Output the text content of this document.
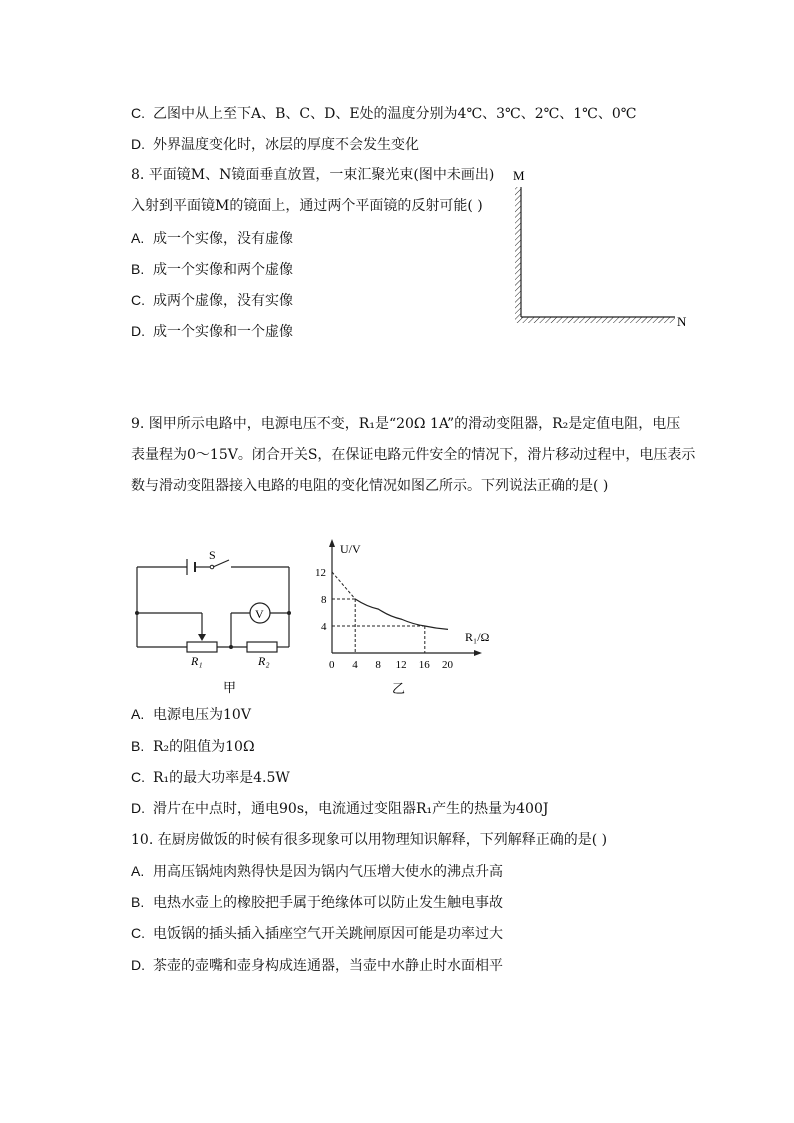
C. 乙图中从上至下A、B、C、D、E处的温度分别为4℃、3℃、2℃、1℃、0℃
D. 外界温度变化时，冰层的厚度不会发生变化
8. 平面镜M、N镜面垂直放置，一束汇聚光束(图中未画出)
入射到平面镜M的镜面上，通过两个平面镜的反射可能( )
A. 成一个实像，没有虚像
B. 成一个实像和两个虚像
C. 成两个虚像，没有实像
D. 成一个实像和一个虚像
M
N
9. 图甲所示电路中，电源电压不变，R₁是“20Ω 1A”的滑动变阻器，R₂是定值电阻，电压
表量程为0～15V。闭合开关S，在保证电路元件安全的情况下，滑片移动过程中，电压表示
数与滑动变阻器接入电路的电阻的变化情况如图乙所示。下列说法正确的是( )
S
V
R₁	R₂
甲
U/V
R₁/Ω
乙
0 4 8 12 16 20
4
8
12
A. 电源电压为10V
B. R₂的阻值为10Ω
C. R₁的最大功率是4.5W
D. 滑片在中点时，通电90s，电流通过变阻器R₁产生的热量为400J
10. 在厨房做饭的时候有很多现象可以用物理知识解释，下列解释正确的是( )
A. 用高压锅炖肉熟得快是因为锅内气压增大使水的沸点升高
B. 电热水壶上的橡胶把手属于绝缘体可以防止发生触电事故
C. 电饭锅的插头插入插座空气开关跳闸原因可能是功率过大
D. 茶壶的壶嘴和壶身构成连通器，当壶中水静止时水面相平
